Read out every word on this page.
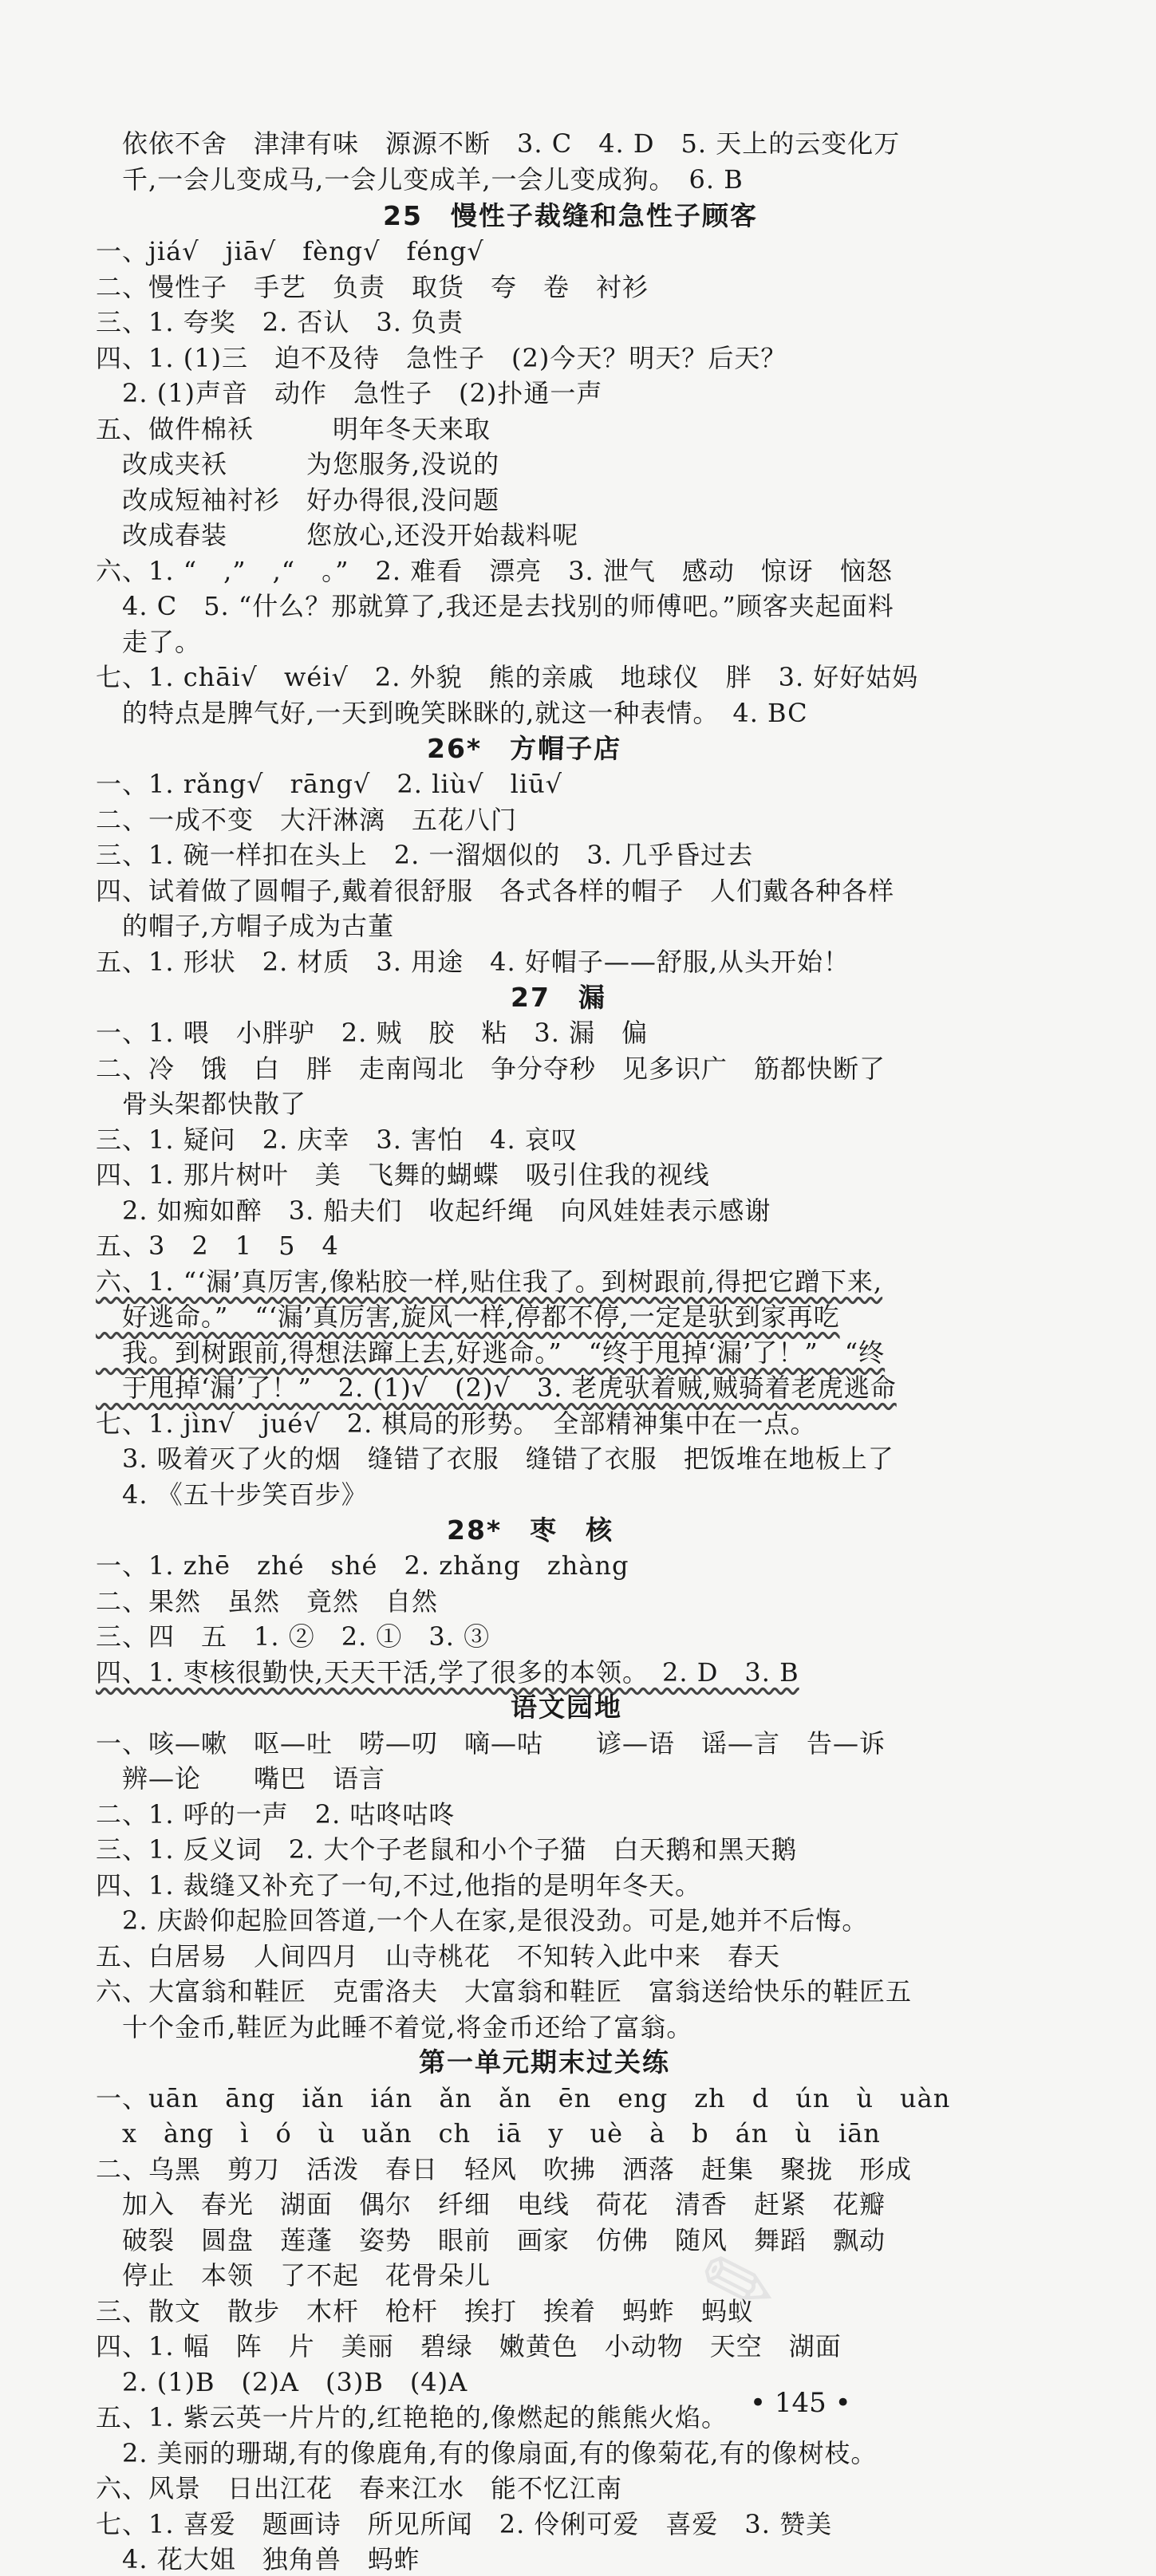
✎
　依依不舍　津津有味　源源不断　3. C　4. D　5. 天上的云变化万
　千,一会儿变成马,一会儿变成羊,一会儿变成狗。　6. B
25　慢性子裁缝和急性子顾客
一、jiá√　jiā√　fèng√　féng√
二、慢性子　手艺　负责　取货　夸　卷　衬衫
三、1. 夸奖　2. 否认　3. 负责
四、1. (1)三　迫不及待　急性子　(2)今天？明天？后天？
　2. (1)声音　动作　急性子　(2)扑通一声
五、做件棉袄　　　明年冬天来取
　改成夹袄　　　为您服务,没说的
　改成短袖衬衫　好办得很,没问题
　改成春装　　　您放心,还没开始裁料呢
六、1. “　,”　,“　。”　2. 难看　漂亮　3. 泄气　感动　惊讶　恼怒
　4. C　5. “什么？那就算了,我还是去找别的师傅吧。”顾客夹起面料
　走了。
七、1. chāi√　wéi√　2. 外貌　熊的亲戚　地球仪　胖　3. 好好姑妈
　的特点是脾气好,一天到晚笑眯眯的,就这一种表情。　4. BC
26*　方帽子店
一、1. rǎng√　rāng√　2. liù√　liū√
二、一成不变　大汗淋漓　五花八门
三、1. 碗一样扣在头上　2. 一溜烟似的　3. 几乎昏过去
四、试着做了圆帽子,戴着很舒服　各式各样的帽子　人们戴各种各样
　的帽子,方帽子成为古董
五、1. 形状　2. 材质　3. 用途　4. 好帽子——舒服,从头开始！
27　漏
一、1. 喂　小胖驴　2. 贼　胶　粘　3. 漏　偏
二、冷　饿　白　胖　走南闯北　争分夺秒　见多识广　筋都快断了
　骨头架都快散了
三、1. 疑问　2. 庆幸　3. 害怕　4. 哀叹
四、1. 那片树叶　美　飞舞的蝴蝶　吸引住我的视线
　2. 如痴如醉　3. 船夫们　收起纤绳　向风娃娃表示感谢
五、3　2　1　5　4
六、1. “‘漏’真厉害,像粘胶一样,贴住我了。到树跟前,得把它蹭下来,
　好逃命。”　“‘漏’真厉害,旋风一样,停都不停,一定是驮到家再吃
　我。到树跟前,得想法蹿上去,好逃命。”　“终于甩掉‘漏’了！”　“终
　于甩掉‘漏’了！”　2. (1)√　(2)√　3. 老虎驮着贼,贼骑着老虎逃命
七、1. jìn√　jué√　2. 棋局的形势。　全部精神集中在一点。
　3. 吸着灭了火的烟　缝错了衣服　缝错了衣服　把饭堆在地板上了
　4. 《五十步笑百步》
28*　枣　核
一、1. zhē　zhé　shé　2. zhǎng　zhàng
二、果然　虽然　竟然　自然
三、四　五　1. ②　2. ①　3. ③
四、1. 枣核很勤快,天天干活,学了很多的本领。　2. D　3. B
语文园地
一、咳—嗽　呕—吐　唠—叨　嘀—咕　　谚—语　谣—言　告—诉
　辨—论　　嘴巴　语言
二、1. 呼的一声　2. 咕咚咕咚
三、1. 反义词　2. 大个子老鼠和小个子猫　白天鹅和黑天鹅
四、1. 裁缝又补充了一句,不过,他指的是明年冬天。
　2. 庆龄仰起脸回答道,一个人在家,是很没劲。可是,她并不后悔。
五、白居易　人间四月　山寺桃花　不知转入此中来　春天
六、大富翁和鞋匠　克雷洛夫　大富翁和鞋匠　富翁送给快乐的鞋匠五
　十个金币,鞋匠为此睡不着觉,将金币还给了富翁。
第一单元期末过关练
一、uān　āng　iǎn　ián　ǎn　ǎn　ēn　eng　zh　d　ún　ù　uàn
　x　àng　ì　ó　ù　uǎn　ch　iā　y　uè　à　b　án　ù　iān
二、乌黑　剪刀　活泼　春日　轻风　吹拂　洒落　赶集　聚拢　形成
　加入　春光　湖面　偶尔　纤细　电线　荷花　清香　赶紧　花瓣
　破裂　圆盘　莲蓬　姿势　眼前　画家　仿佛　随风　舞蹈　飘动
　停止　本领　了不起　花骨朵儿
三、散文　散步　木杆　枪杆　挨打　挨着　蚂蚱　蚂蚁
四、1. 幅　阵　片　美丽　碧绿　嫩黄色　小动物　天空　湖面
　2. (1)B　(2)A　(3)B　(4)A
五、1. 紫云英一片片的,红艳艳的,像燃起的熊熊火焰。
　2. 美丽的珊瑚,有的像鹿角,有的像扇面,有的像菊花,有的像树枝。
六、风景　日出江花　春来江水　能不忆江南
七、1. 喜爱　题画诗　所见所闻　2. 伶俐可爱　喜爱　3. 赞美
　4. 花大姐　独角兽　蚂蚱
• 145 •
